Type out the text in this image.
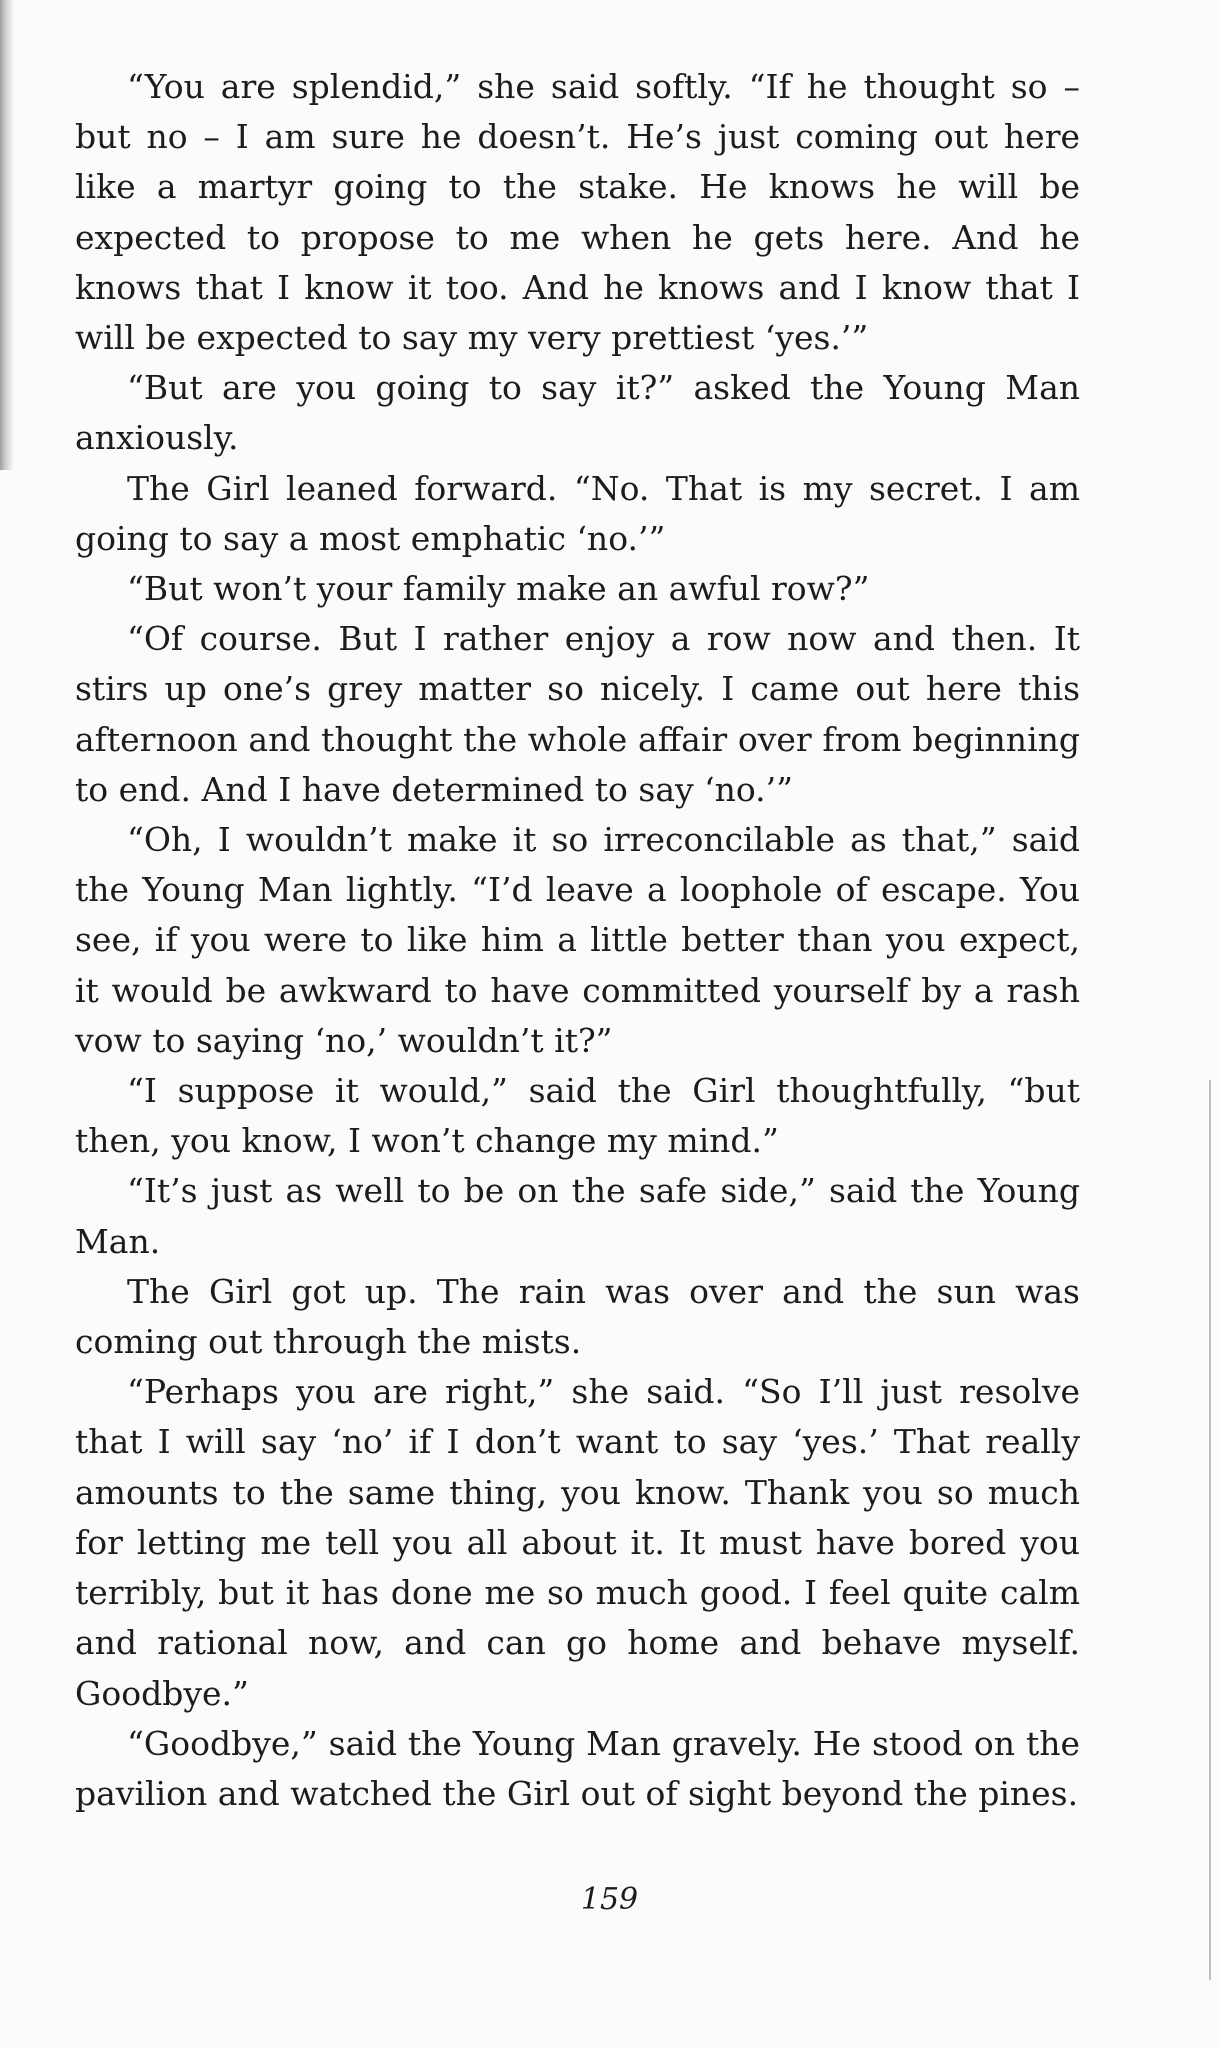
“You are splendid,” she said softly. “If he thought so – but no – I am sure he doesn’t. He’s just coming out here like a martyr going to the stake. He knows he will be expected to propose to me when he gets here. And he knows that I know it too. And he knows and I know that I will be expected to say my very prettiest ‘yes.’”

“But are you going to say it?” asked the Young Man anxiously.

The Girl leaned forward. “No. That is my secret. I am going to say a most emphatic ‘no.’”

“But won’t your family make an awful row?”

“Of course. But I rather enjoy a row now and then. It stirs up one’s grey matter so nicely. I came out here this afternoon and thought the whole affair over from beginning to end. And I have determined to say ‘no.’”

“Oh, I wouldn’t make it so irreconcilable as that,” said the Young Man lightly. “I’d leave a loophole of escape. You see, if you were to like him a little better than you expect, it would be awkward to have committed yourself by a rash vow to saying ‘no,’ wouldn’t it?”

“I suppose it would,” said the Girl thoughtfully, “but then, you know, I won’t change my mind.”

“It’s just as well to be on the safe side,” said the Young Man.

The Girl got up. The rain was over and the sun was coming out through the mists.

“Perhaps you are right,” she said. “So I’ll just resolve that I will say ‘no’ if I don’t want to say ‘yes.’ That really amounts to the same thing, you know. Thank you so much for letting me tell you all about it. It must have bored you terribly, but it has done me so much good. I feel quite calm and rational now, and can go home and behave myself. Goodbye.”

“Goodbye,” said the Young Man gravely. He stood on the pavilion and watched the Girl out of sight beyond the pines.

159
